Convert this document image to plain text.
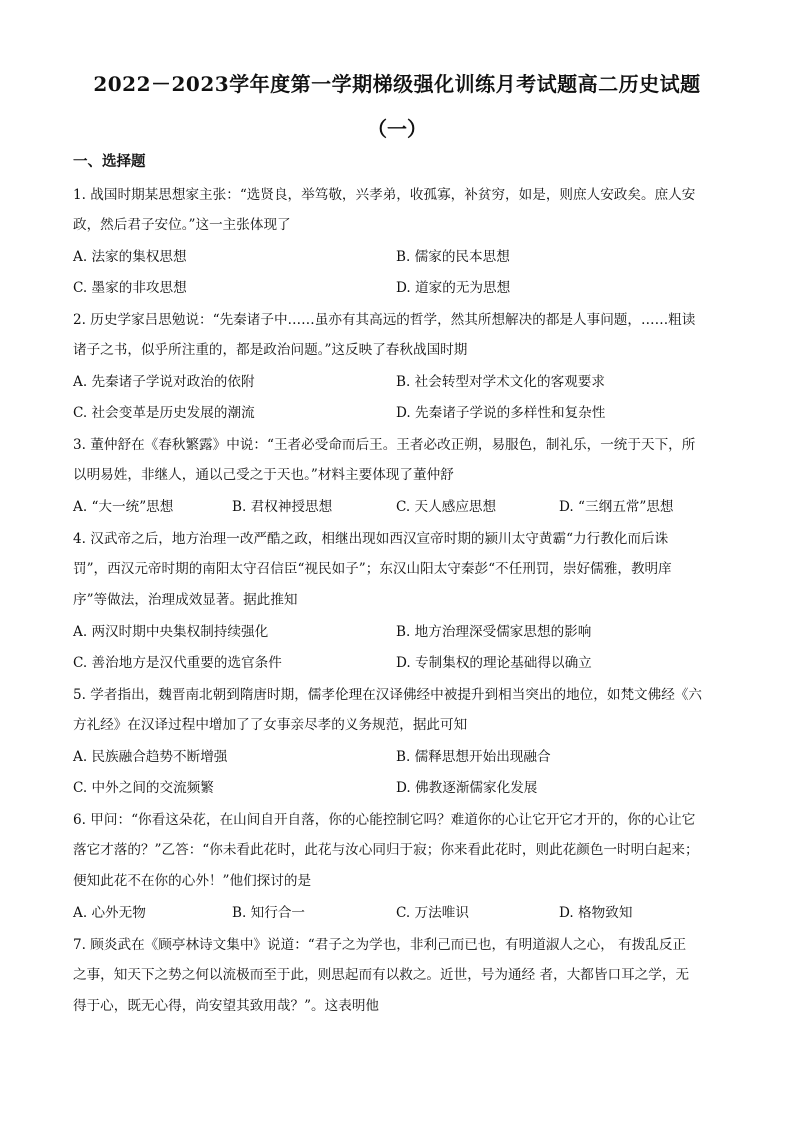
2022－2023学年度第一学期梯级强化训练月考试题高二历史试题
（一）
一、选择题
1. 战国时期某思想家主张：“选贤良，举笃敬，兴孝弟，收孤寡，补贫穷，如是，则庶人安政矣。庶人安
政，然后君子安位。”这一主张体现了
A. 法家的集权思想	B. 儒家的民本思想
C. 墨家的非攻思想	D. 道家的无为思想
2. 历史学家吕思勉说：“先秦诸子中……虽亦有其高远的哲学，然其所想解决的都是人事问题，……粗读
诸子之书，似乎所注重的，都是政治问题。”这反映了春秋战国时期
A. 先秦诸子学说对政治的依附	B. 社会转型对学术文化的客观要求
C. 社会变革是历史发展的潮流	D. 先秦诸子学说的多样性和复杂性
3. 董仲舒在《春秋繁露》中说：“王者必受命而后王。王者必改正朔，易服色，制礼乐，一统于天下，所
以明易姓，非继人，通以己受之于天也。”材料主要体现了董仲舒
A. “大一统”思想	B. 君权神授思想	C. 天人感应思想	D. “三纲五常”思想
4. 汉武帝之后，地方治理一改严酷之政，相继出现如西汉宣帝时期的颍川太守黄霸“力行教化而后诛
罚”，西汉元帝时期的南阳太守召信臣“视民如子”；东汉山阳太守秦彭“不任刑罚，崇好儒雅，教明庠
序”等做法，治理成效显著。据此推知
A. 两汉时期中央集权制持续强化	B. 地方治理深受儒家思想的影响
C. 善治地方是汉代重要的选官条件	D. 专制集权的理论基础得以确立
5. 学者指出，魏晋南北朝到隋唐时期，儒孝伦理在汉译佛经中被提升到相当突出的地位，如梵文佛经《六
方礼经》在汉译过程中增加了了女事亲尽孝的义务规范，据此可知
A. 民族融合趋势不断增强	B. 儒释思想开始出现融合
C. 中外之间的交流频繁	D. 佛教逐渐儒家化发展
6. 甲问：“你看这朵花，在山间自开自落，你的心能控制它吗？难道你的心让它开它才开的，你的心让它
落它才落的？”乙答：“你未看此花时，此花与汝心同归于寂；你来看此花时，则此花颜色一时明白起来；
便知此花不在你的心外！”他们探讨的是
A. 心外无物	B. 知行合一	C. 万法唯识	D. 格物致知
7. 顾炎武在《顾亭林诗文集中》说道：“君子之为学也，非利己而已也，有明道淑人之心， 有拨乱反正
之事，知天下之势之何以流极而至于此，则思起而有以救之。近世，号为通经 者，大都皆口耳之学，无
得于心，既无心得，尚安望其致用哉？”。这表明他
